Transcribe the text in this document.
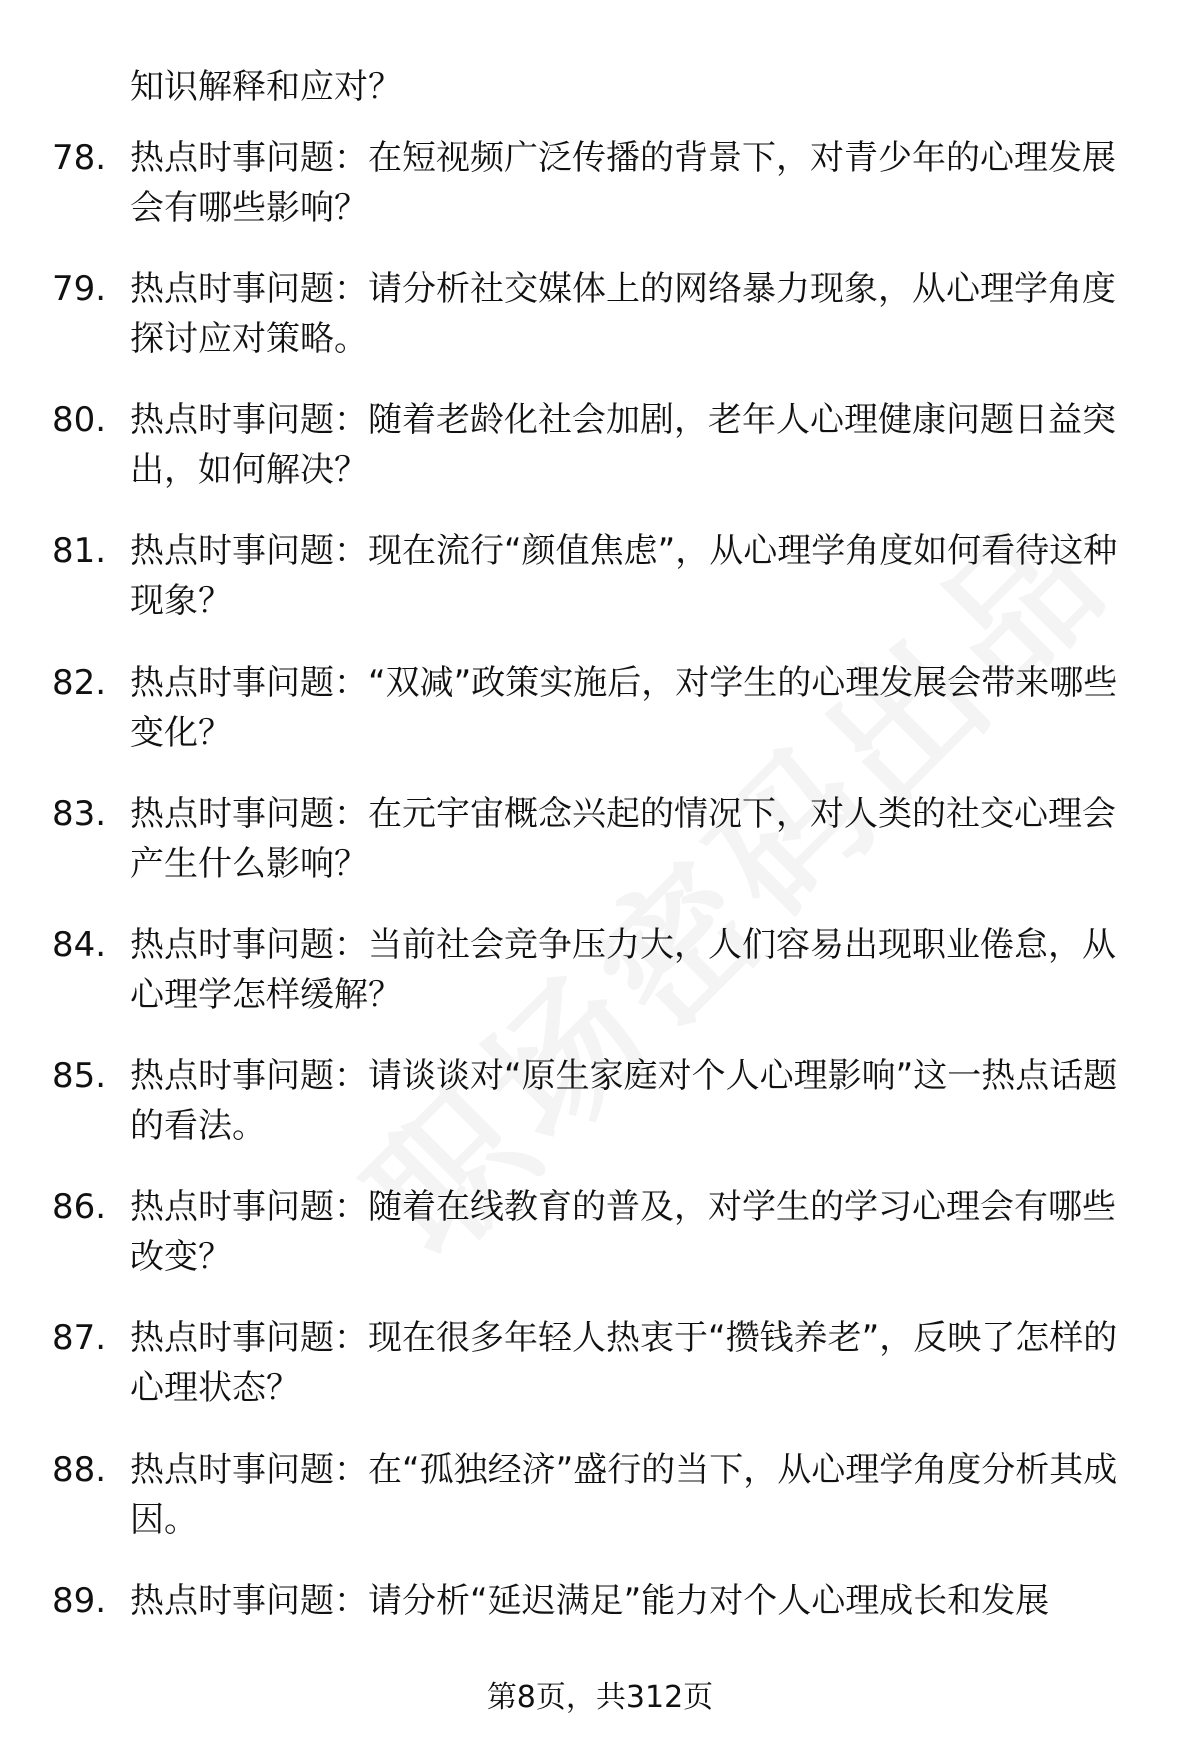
知识解释和应对？
78. 热点时事问题：在短视频广泛传播的背景下，对青少年的心理发展会有哪些影响？
79. 热点时事问题：请分析社交媒体上的网络暴力现象，从心理学角度探讨应对策略。
80. 热点时事问题：随着老龄化社会加剧，老年人心理健康问题日益突出，如何解决？
81. 热点时事问题：现在流行“颜值焦虑”，从心理学角度如何看待这种现象？
82. 热点时事问题：“双减”政策实施后，对学生的心理发展会带来哪些变化？
83. 热点时事问题：在元宇宙概念兴起的情况下，对人类的社交心理会产生什么影响？
84. 热点时事问题：当前社会竞争压力大，人们容易出现职业倦怠，从心理学怎样缓解？
85. 热点时事问题：请谈谈对“原生家庭对个人心理影响”这一热点话题的看法。
86. 热点时事问题：随着在线教育的普及，对学生的学习心理会有哪些改变？
87. 热点时事问题：现在很多年轻人热衷于“攒钱养老”，反映了怎样的心理状态？
88. 热点时事问题：在“孤独经济”盛行的当下，从心理学角度分析其成因。
89. 热点时事问题：请分析“延迟满足”能力对个人心理成长和发展
第8页，共312页
